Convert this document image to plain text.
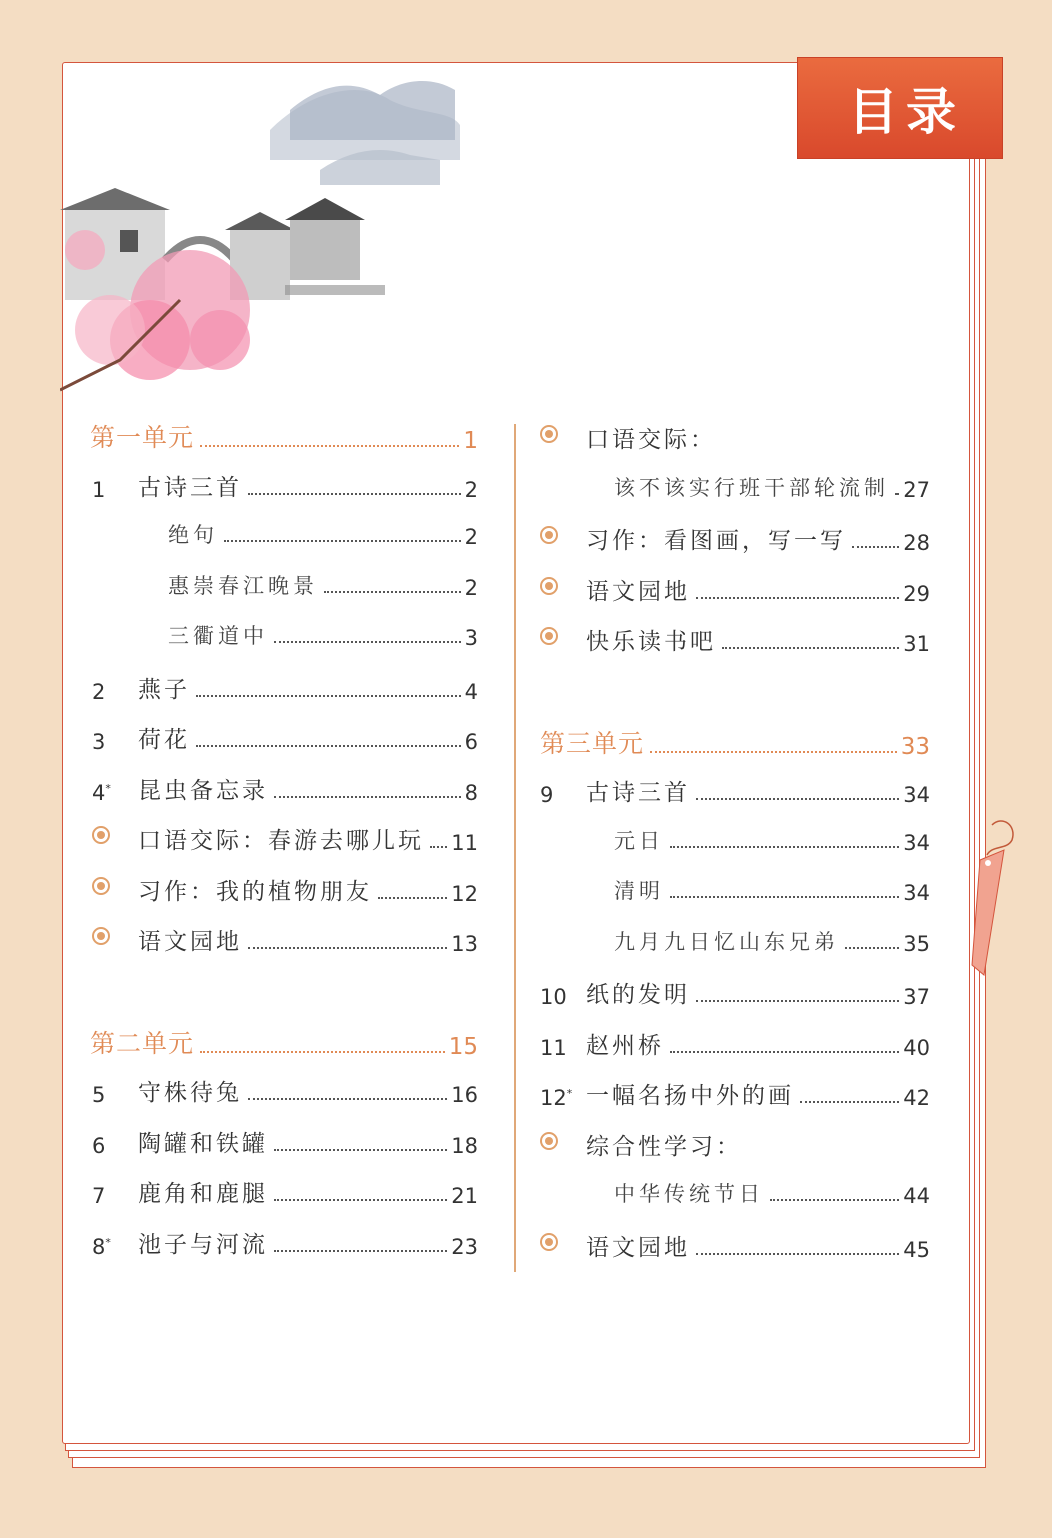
目录
第一单元	1
1	古诗三首	2
绝句	2
惠崇春江晚景	2
三衢道中	3
2	燕子	4
3	荷花	6
4*	昆虫备忘录	8
口语交际：春游去哪儿玩 11
习作：我的植物朋友	12
语文园地	13
第二单元	15
5	守株待兔	16
6	陶罐和铁罐	18
7	鹿角和鹿腿	21
8*	池子与河流	23
口语交际：
该不该实行班干部轮流制 27
习作：看图画，写一写	28
语文园地	29
快乐读书吧	31
第三单元	33
9	古诗三首	34
元日	34
清明	34
九月九日忆山东兄弟	35
10 纸的发明	37
11 赵州桥	40
12* 一幅名扬中外的画	42
综合性学习：
中华传统节日	44
语文园地	45
